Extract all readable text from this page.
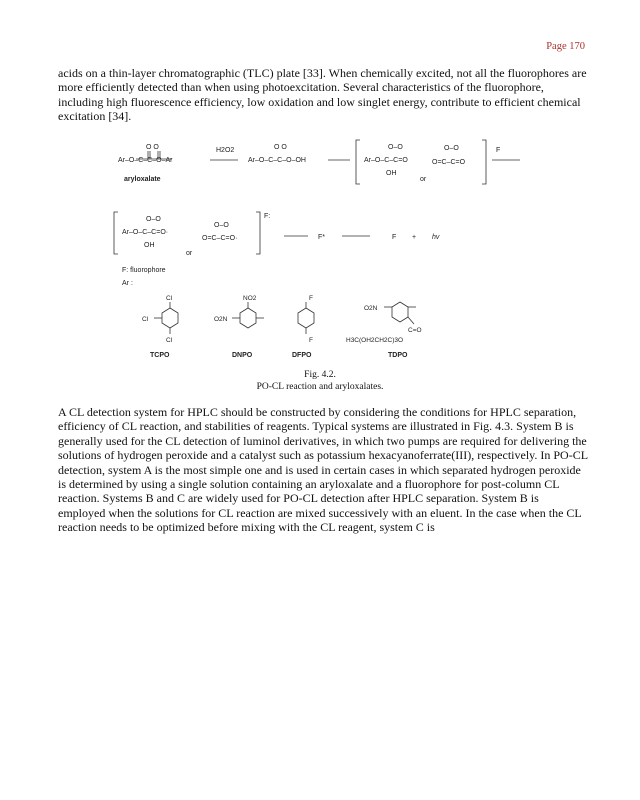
Page 170

acids on a thin-layer chromatographic (TLC) plate [33]. When chemically excited, not all the fluorophores are more efficiently detected than when using photoexcitation. Several characteristics of the fluorophore, including high fluorescence efficiency, low oxidation and low singlet energy, contribute to efficient chemical excitation [34].

Ar–O–C–C–O–Ar
O O
aryloxalate
H2O2
Ar–O–C–C–O–OH
O O	O–O
Ar–O–C–C=O
OH
O–O
O=C–C=O
or
F
O–O
Ar–O–C–C=O·
OH
O–O
O=C–C=O·
or
F:
F*	F + hv
F: fluorophore
Ar :
Cl
Cl
Cl
TCPO
NO2
O2N
DNPO
F
F
DFPO
O2N
C=O
H3C(OH2CH2C)3O
TDPO
Fig. 4.2.
PO-CL reaction and aryloxalates.

A CL detection system for HPLC should be constructed by considering the conditions for HPLC separation, efficiency of CL reaction, and stabilities of reagents. Typical systems are illustrated in Fig. 4.3. System B is generally used for the CL detection of luminol derivatives, in which two pumps are required for delivering the solutions of hydrogen peroxide and a catalyst such as potassium hexacyanoferrate(III), respectively. In PO-CL detection, system A is the most simple one and is used in certain cases in which separated hydrogen peroxide is determined by using a single solution containing an aryloxalate and a fluorophore for post-column CL reaction. Systems B and C are widely used for PO-CL detection after HPLC separation. System B is employed when the solutions for CL reaction are mixed successively with an eluent. In the case when the CL reaction needs to be optimized before mixing with the CL reagent, system C is
